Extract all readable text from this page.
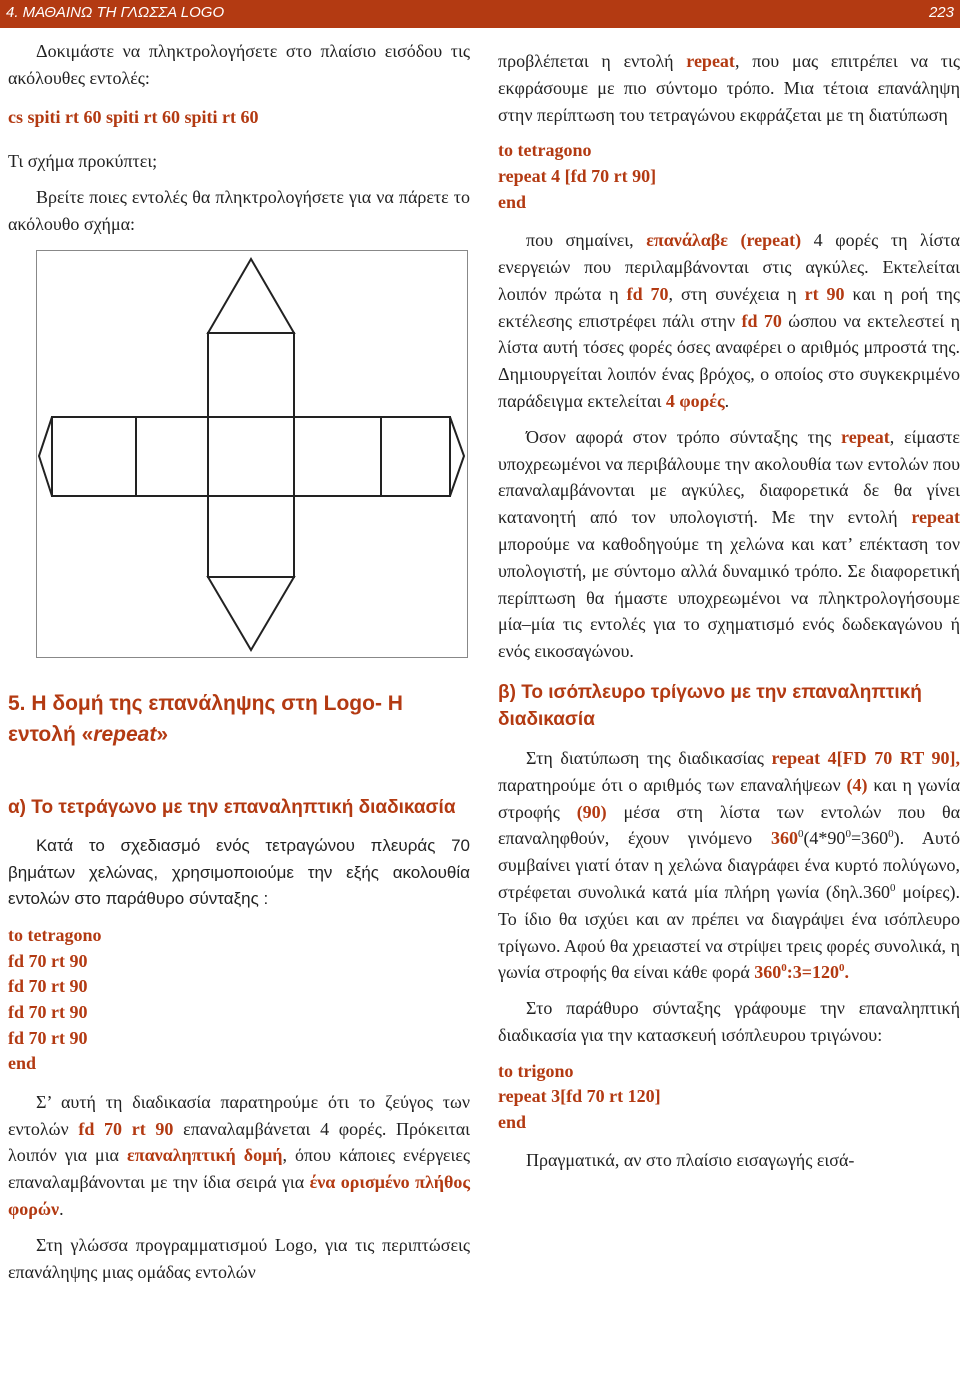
4. ΜΑΘΑΙΝΩ ΤΗ ΓΛΩΣΣΑ LOGO	223

Δοκιμάστε να πληκτρολογήσετε στο πλαίσιο εισόδου τις ακόλουθες εντολές:

cs spiti rt 60 spiti rt 60 spiti rt 60

Τι σχήμα προκύπτει;

Βρείτε ποιες εντολές θα πληκτρολογήσετε για να πάρετε το ακόλουθο σχήμα:

5. Η δομή της επανάληψης στη Logo- Η εντολή «repeat»
α) Το τετράγωνο με την επαναληπτική διαδικασία

Κατά το σχεδιασμό ενός τετραγώνου πλευράς 70 βημάτων χελώνας, χρησιμοποιούμε την εξής ακολουθία εντολών στο παράθυρο σύνταξης :

to tetragono
fd 70 rt 90
fd 70 rt 90
fd 70 rt 90
fd 70 rt 90
end

Σ’ αυτή τη διαδικασία παρατηρούμε ότι το ζεύγος των εντολών fd 70 rt 90 επαναλαμβάνεται 4 φορές. Πρόκειται λοιπόν για μια επαναληπτική δομή, όπου κάποιες ενέργειες επαναλαμβάνονται με την ίδια σειρά για ένα ορισμένο πλήθος φορών.

Στη γλώσσα προγραμματισμού Logo, για τις περιπτώσεις επανάληψης μιας ομάδας εντολών

προβλέπεται η εντολή repeat, που μας επιτρέπει να τις εκφράσουμε με πιο σύντομο τρόπο. Μια τέτοια επανάληψη στην περίπτωση του τετραγώνου εκφράζεται με τη διατύπωση

to tetragono
repeat 4 [fd 70 rt 90]
end

που σημαίνει, επανάλαβε (repeat) 4 φορές τη λίστα ενεργειών που περιλαμβάνονται στις αγκύλες. Εκτελείται λοιπόν πρώτα η fd 70, στη συνέχεια η rt 90 και η ροή της εκτέλεσης επιστρέφει πάλι στην fd 70 ώσπου να εκτελεστεί η λίστα αυτή τόσες φορές όσες αναφέρει ο αριθμός μπροστά της. Δημιουργείται λοιπόν ένας βρόχος, ο οποίος στο συγκεκριμένο παράδειγμα εκτελείται 4 φορές.

Όσον αφορά στον τρόπο σύνταξης της repeat, είμαστε υποχρεωμένοι να περιβάλουμε την ακολουθία των εντολών που επαναλαμβάνονται με αγκύλες, διαφορετικά δε θα γίνει κατανοητή από τον υπολογιστή. Με την εντολή repeat μπορούμε να καθοδηγούμε τη χελώνα και κατ’ επέκταση τον υπολογιστή, με σύντομο αλλά δυναμικό τρόπο. Σε διαφορετική περίπτωση θα ήμαστε υποχρεωμένοι να πληκτρολογήσουμε μία–μία τις εντολές για το σχηματισμό ενός δωδεκαγώνου ή ενός εικοσαγώνου.

β) Το ισόπλευρο τρίγωνο με την επαναληπτική διαδικασία

Στη διατύπωση της διαδικασίας repeat 4[FD 70 RT 90], παρατηρούμε ότι ο αριθμός των επαναλήψεων (4) και η γωνία στροφής (90) μέσα στη λίστα των εντολών που θα επαναληφθούν, έχουν γινόμενο $360^0(4*90^0=360^0)$. Αυτό συμβαίνει γιατί όταν η χελώνα διαγράφει ένα κυρτό πολύγωνο, στρέφεται συνολικά κατά μία πλήρη γωνία (δηλ.360$^0$ μοίρες). Το ίδιο θα ισχύει και αν πρέπει να διαγράψει ένα ισόπλευρο τρίγωνο. Αφού θα χρειαστεί να στρίψει τρεις φορές συνολικά, η γωνία στροφής θα είναι κάθε φορά $360^0:3=120^0$.

Στο παράθυρο σύνταξης γράφουμε την επαναληπτική διαδικασία για την κατασκευή ισόπλευρου τριγώνου:

to trigono
repeat 3[fd 70 rt 120]
end

Πραγματικά, αν στο πλαίσιο εισαγωγής εισά-
